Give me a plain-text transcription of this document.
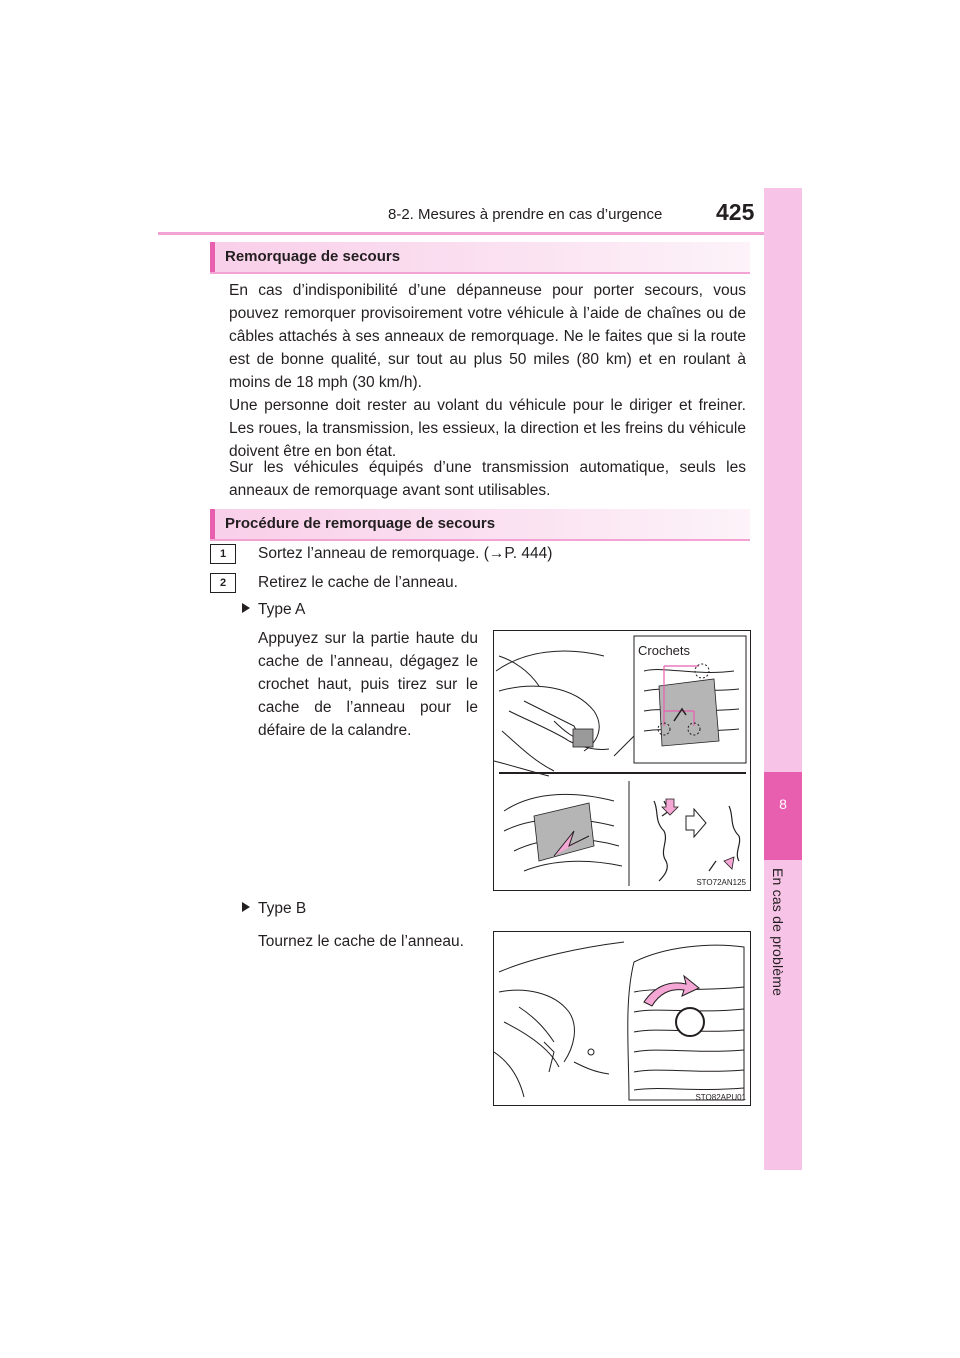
8-2. Mesures à prendre en cas d’urgence 425
8
En cas de problème
Remorquage de secours
En cas d’indisponibilité d’une dépanneuse pour porter secours, vous pouvez remorquer provisoirement votre véhicule à l’aide de chaînes ou de câbles attachés à ses anneaux de remorquage. Ne le faites que si la route est de bonne qualité, sur tout au plus 50 miles (80 km) et en roulant à moins de 18 mph (30 km/h).
Une personne doit rester au volant du véhicule pour le diriger et freiner. Les roues, la transmission, les essieux, la direction et les freins du véhicule doivent être en bon état.
Sur les véhicules équipés d’une transmission automatique, seuls les anneaux de remorquage avant sont utilisables.
Procédure de remorquage de secours
1	Sortez l’anneau de remorquage. (→P. 444)
2	Retirez le cache de l’anneau.
Type A
Appuyez sur la partie haute du cache de l’anneau, dégagez le crochet haut, puis tirez sur le cache de l’anneau pour le défaire de la calandre.
Crochets
STO72AN125
Type B
Tournez le cache de l’anneau.
STO82APU01
